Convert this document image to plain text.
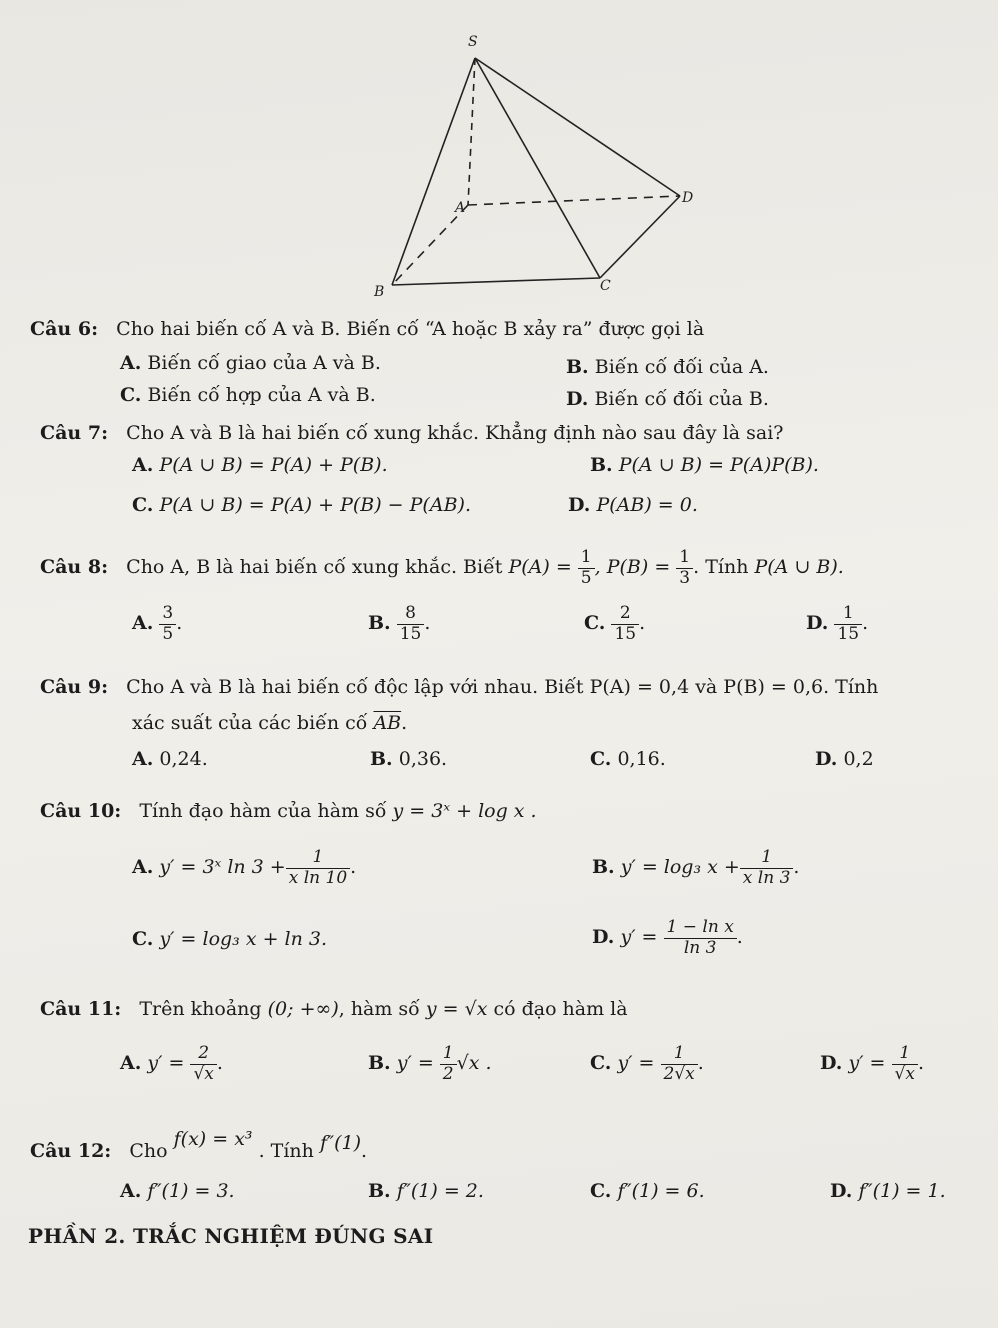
S
A
B	C
D
Câu 6: Cho hai biến cố A và B. Biến cố “A hoặc B xảy ra” được gọi là
A. Biến cố giao của A và B.	B. Biến cố đối của A.
C. Biến cố hợp của A và B.	D. Biến cố đối của B.
Câu 7: Cho A và B là hai biến cố xung khắc. Khẳng định nào sau đây là sai?
A. P(A ∪ B) = P(A) + P(B).	B. P(A ∪ B) = P(A)P(B).
C. P(A ∪ B) = P(A) + P(B) − P(AB).	D. P(AB) = 0.
Câu 8: Cho A, B là hai biến cố xung khắc. Biết $P(A) = \frac{1}{5}$ , $P(B) = \frac{1}{3}$ . Tính P(A ∪ B).
A. $\frac{3}{5}$ .	B. $\frac{8}{15}$ .	C. $\frac{2}{15}$ .	D. $\frac{1}{15}$ .
Câu 9: Cho A và B là hai biến cố độc lập với nhau. Biết P(A) = 0,4 và P(B) = 0,6. Tính
xác suất của các biến cố $\overline{AB}$.
A. 0,24.	B. 0,36.	C. 0,16.	D. 0,2
Câu 10: Tính đạo hàm của hàm số y = 3ˣ + log x .
A. y′ = 3ˣ $\ln 3 + \frac{1}{\text{x ln 10}}$ .	B. y′ = log₃ $x + \frac{1}{\text{x ln 3}}$ .
C. y′ = log₃ x + ln 3.	D. $y' = \frac{\text{1 − ln x}}{\ln 3}$ .
Câu 11: Trên khoảng (0; +∞), hàm số y = √x có đạo hàm là
A. $y' = \frac{2}{√x}$ .	B. $y' = \frac{1}{2} √x$ .	C. $y' = \frac{1}{2√x}$ .	D. $y' = \frac{1}{√x}$ .
Câu 12: Cho f(x) = x³ . Tính f″(1).
A. f″(1) = 3.	B. f″(1) = 2.	C. f″(1) = 6.	D. f″(1) = 1.
PHẦN 2. TRẮC NGHIỆM ĐÚNG SAI
